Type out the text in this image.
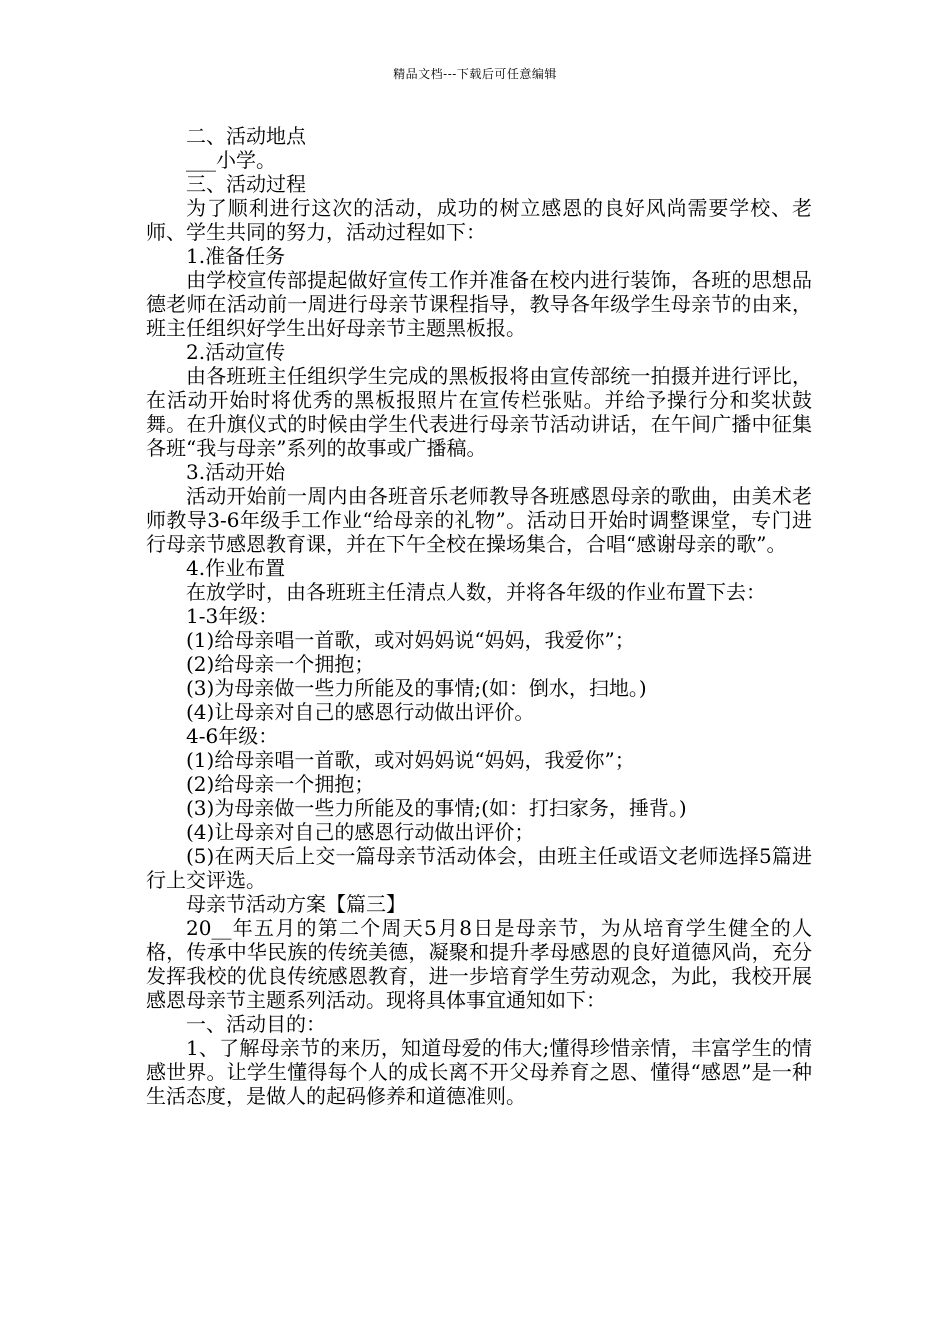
精品文档---下载后可任意编辑

二、活动地点

___小学。

三、活动过程

为了顺利进行这次的活动，成功的树立感恩的良好风尚需要学校、老师、学生共同的努力，活动过程如下：

1.准备任务

由学校宣传部提起做好宣传工作并准备在校内进行装饰，各班的思想品德老师在活动前一周进行母亲节课程指导，教导各年级学生母亲节的由来，班主任组织好学生出好母亲节主题黑板报。

2.活动宣传

由各班班主任组织学生完成的黑板报将由宣传部统一拍摄并进行评比，在活动开始时将优秀的黑板报照片在宣传栏张贴。并给予操行分和奖状鼓舞。在升旗仪式的时候由学生代表进行母亲节活动讲话，在午间广播中征集各班“我与母亲”系列的故事或广播稿。

3.活动开始

活动开始前一周内由各班音乐老师教导各班感恩母亲的歌曲，由美术老师教导3-6年级手工作业“给母亲的礼物”。活动日开始时调整课堂，专门进行母亲节感恩教育课，并在下午全校在操场集合，合唱“感谢母亲的歌”。

4.作业布置

在放学时，由各班班主任清点人数，并将各年级的作业布置下去：

1-3年级：

(1)给母亲唱一首歌，或对妈妈说“妈妈，我爱你”；

(2)给母亲一个拥抱；

(3)为母亲做一些力所能及的事情;(如：倒水，扫地。)

(4)让母亲对自己的感恩行动做出评价。

4-6年级：

(1)给母亲唱一首歌，或对妈妈说“妈妈，我爱你”；

(2)给母亲一个拥抱；

(3)为母亲做一些力所能及的事情;(如：打扫家务，捶背。)

(4)让母亲对自己的感恩行动做出评价；

(5)在两天后上交一篇母亲节活动体会，由班主任或语文老师选择5篇进行上交评选。

母亲节活动方案【篇三】

20__年五月的第二个周天5月8日是母亲节，为从培育学生健全的人格，传承中华民族的传统美德，凝聚和提升孝母感恩的良好道德风尚，充分发挥我校的优良传统感恩教育，进一步培育学生劳动观念，为此，我校开展感恩母亲节主题系列活动。现将具体事宜通知如下：

一、活动目的：

1、了解母亲节的来历，知道母爱的伟大;懂得珍惜亲情，丰富学生的情感世界。让学生懂得每个人的成长离不开父母养育之恩、懂得“感恩”是一种生活态度，是做人的起码修养和道德准则。
